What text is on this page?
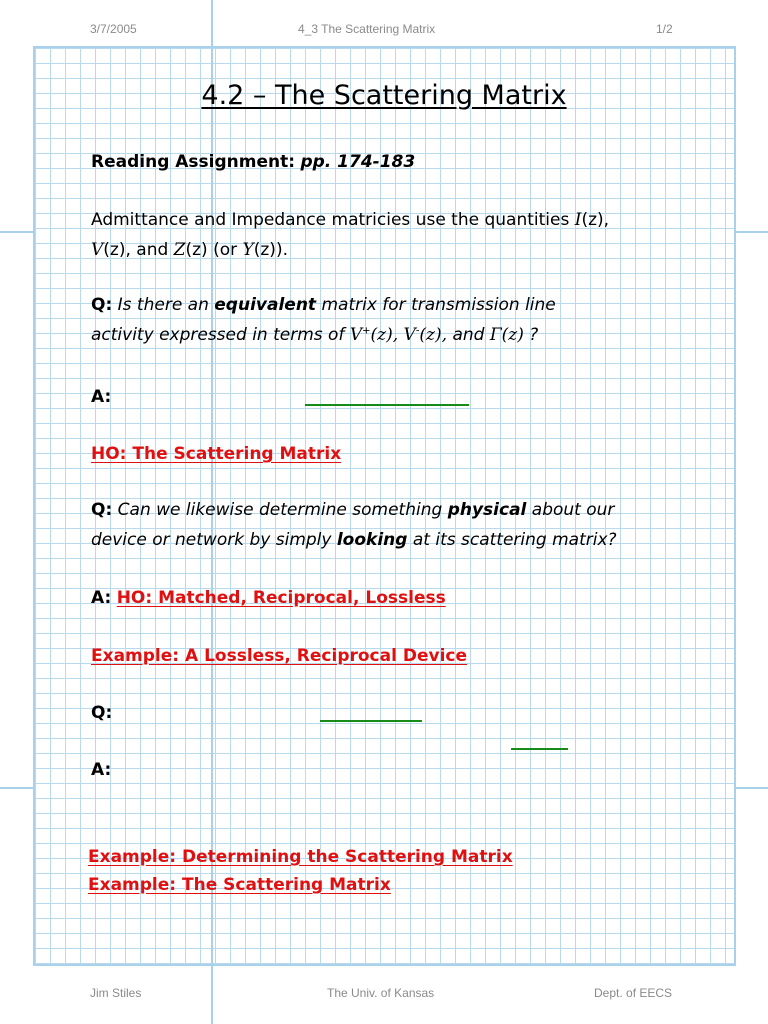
3/7/2005	4_3 The Scattering Matrix	1/2
4.2 – The Scattering Matrix
Reading Assignment: pp. 174-183
Admittance and Impedance matricies use the quantities I(z),
V(z), and Z(z) (or Y(z)).
Q: Is there an equivalent matrix for transmission line
activity expressed in terms of V+(z), V-(z), and Γ(z) ?
A:
HO: The Scattering Matrix
Q: Can we likewise determine something physical about our
device or network by simply looking at its scattering matrix?
A: HO: Matched, Reciprocal, Lossless
Example: A Lossless, Reciprocal Device
Q:
A:
Example: Determining the Scattering Matrix
Example: The Scattering Matrix
Jim Stiles	The Univ. of Kansas	Dept. of EECS
